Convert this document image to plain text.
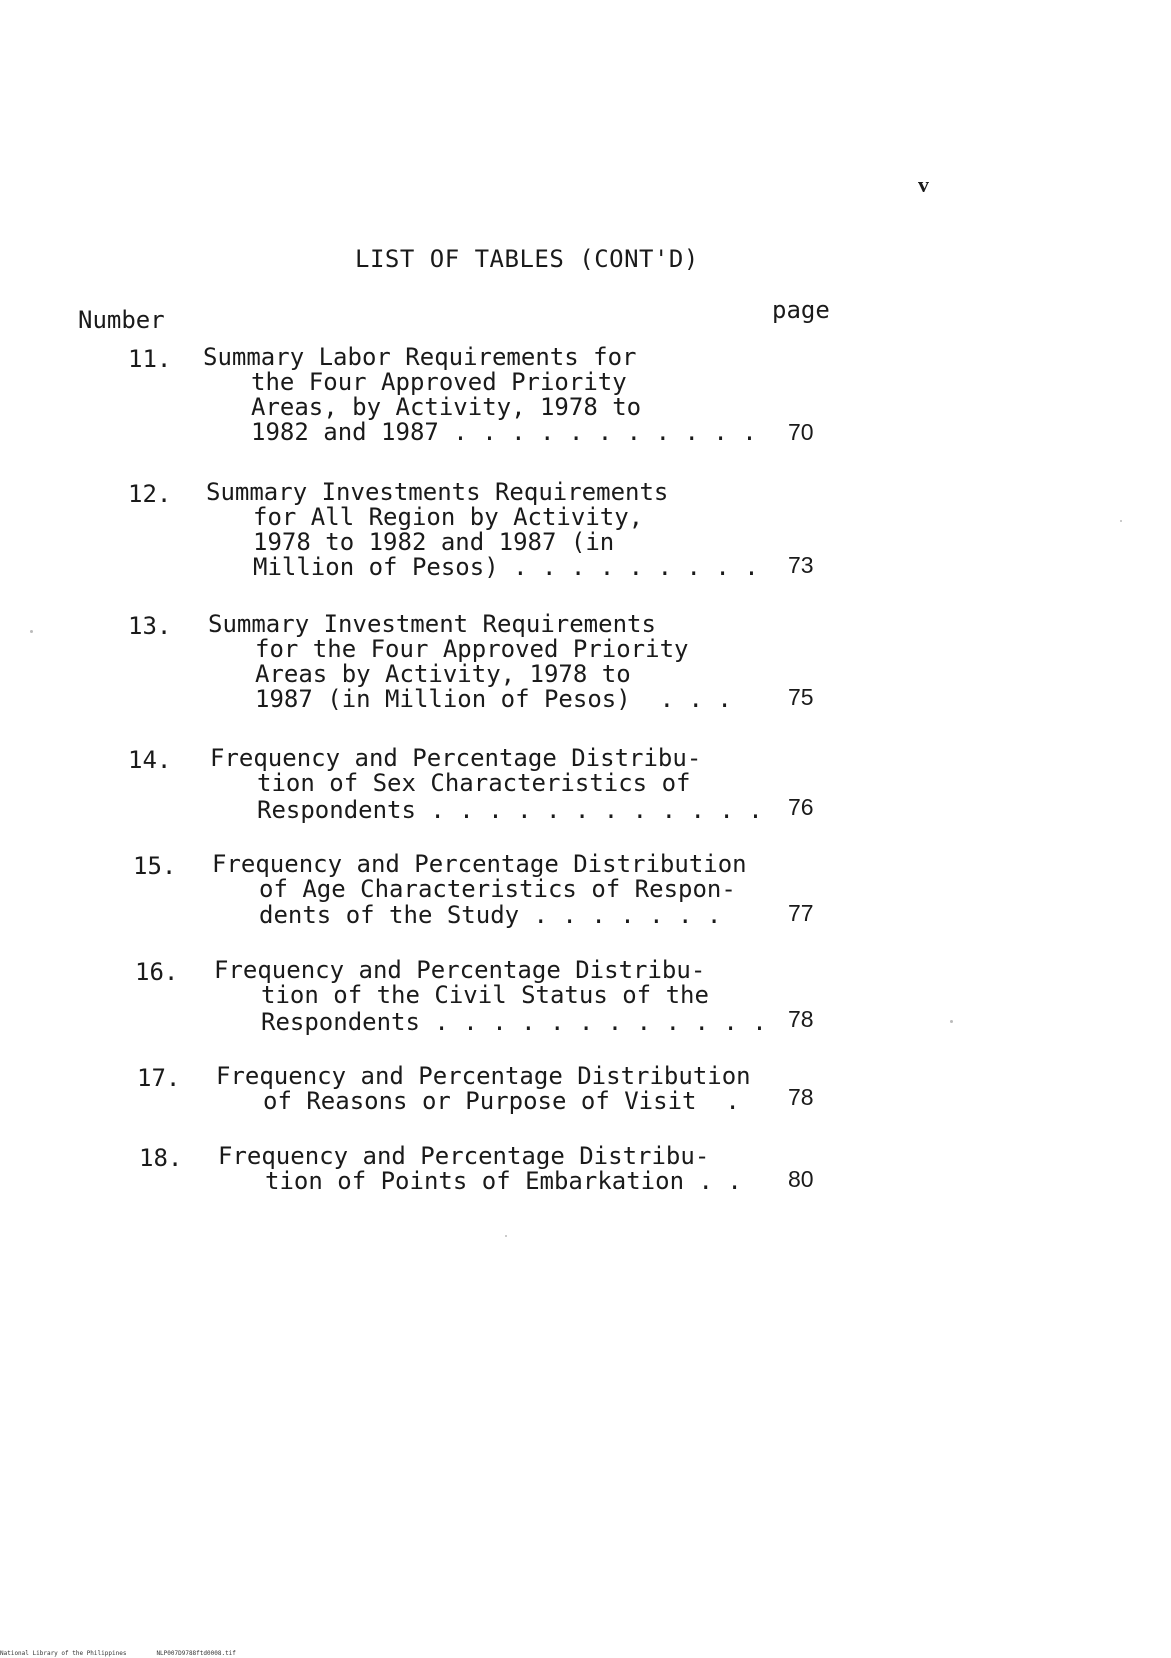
v
LIST OF TABLES (CONT'D)
Number	page
11. Summary Labor Requirements for
the Four Approved Priority
Areas, by Activity, 1978 to
1982 and 1987 . . . . . . . . . . . 70
12. Summary Investments Requirements
for All Region by Activity,
1978 to 1982 and 1987 (in
Million of Pesos) . . . . . . . . . 73
13. Summary Investment Requirements
for the Four Approved Priority
Areas by Activity, 1978 to
1987 (in Million of Pesos)  . . . 75
14. Frequency and Percentage Distribu-
tion of Sex Characteristics of
Respondents . . . . . . . . . . . . 76
15. Frequency and Percentage Distribution
of Age Characteristics of Respon-
dents of the Study . . . . . . .	77
16. Frequency and Percentage Distribu-
tion of the Civil Status of the
Respondents . . . . . . . . . . . . 78
17. Frequency and Percentage Distribution
of Reasons or Purpose of Visit  . 78
18. Frequency and Percentage Distribu-
tion of Points of Embarkation . . 80
National Library of the Philippines	NLP007D9788ftd0008.tif
